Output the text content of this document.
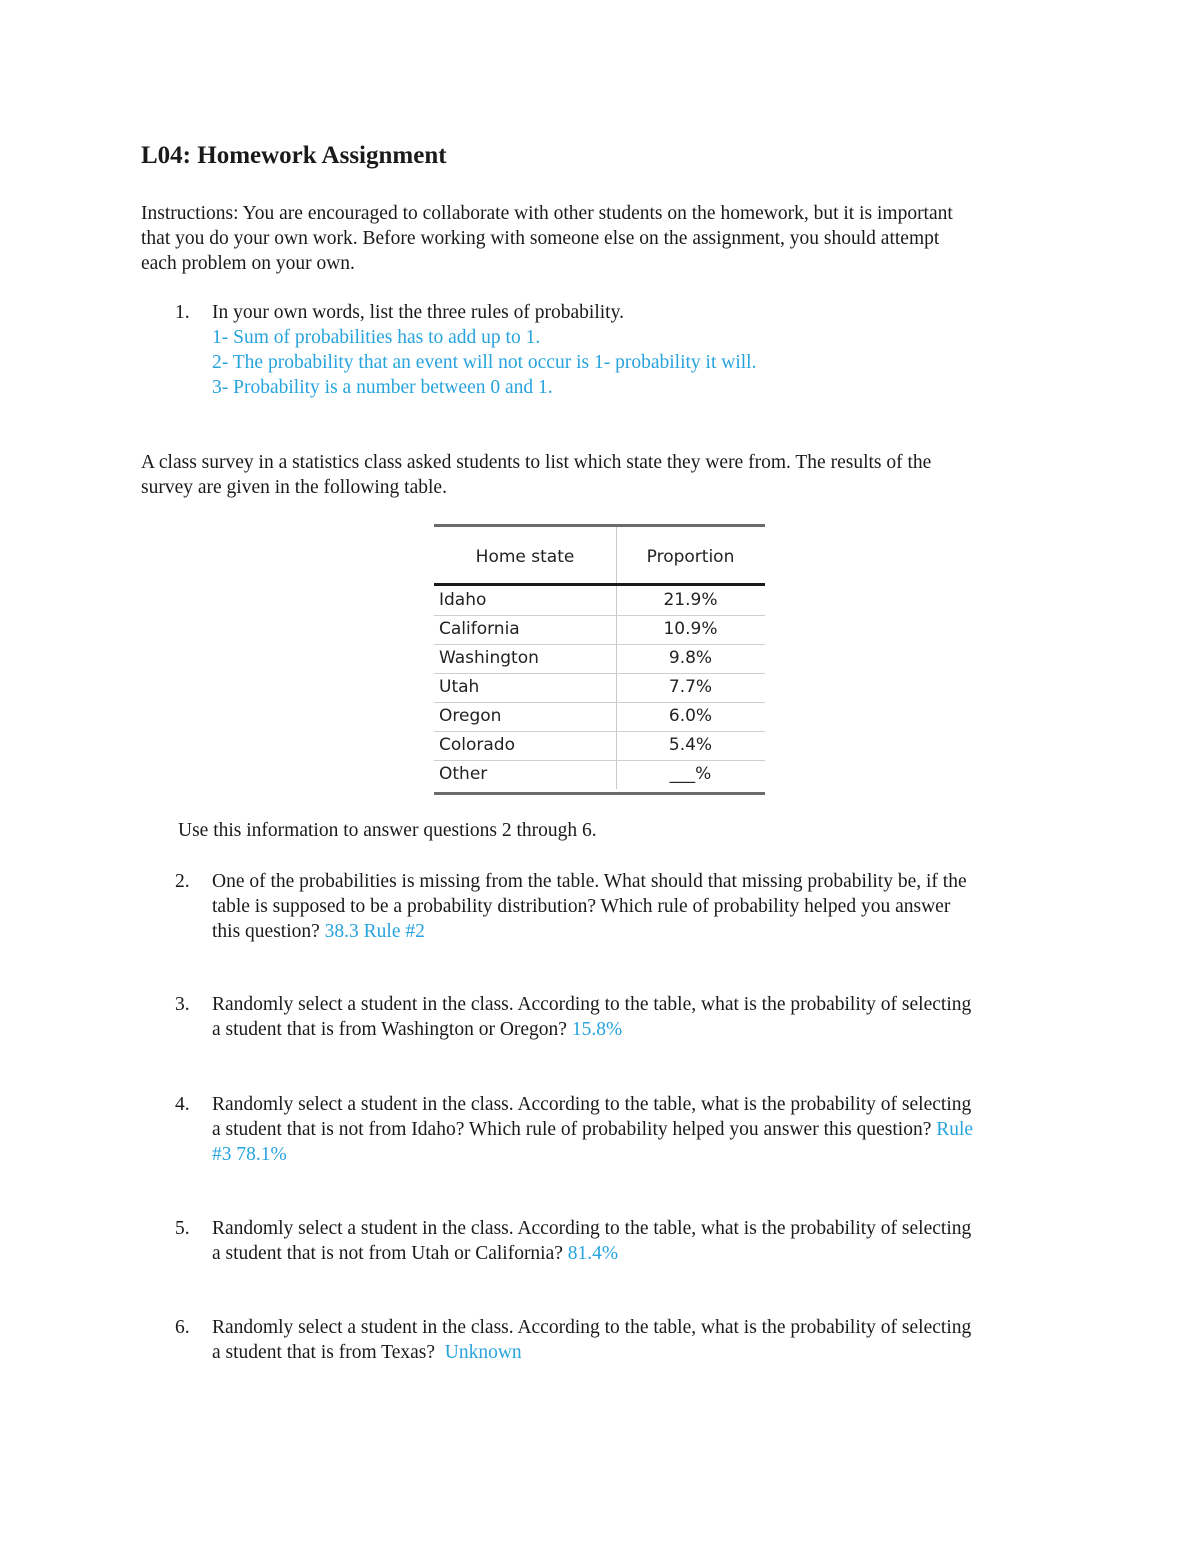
L04: Homework Assignment
Instructions: You are encouraged to collaborate with other students on the homework, but it is important
that you do your own work. Before working with someone else on the assignment, you should attempt
each problem on your own.
1. In your own words, list the three rules of probability.
1- Sum of probabilities has to add up to 1.
2- The probability that an event will not occur is 1- probability it will.
3- Probability is a number between 0 and 1.
A class survey in a statistics class asked students to list which state they were from. The results of the
survey are given in the following table.
Home state	Proportion
Idaho	21.9%
California	10.9%
Washington	9.8%
Utah	7.7%
Oregon	6.0%
Colorado	5.4%
Other	___%
Use this information to answer questions 2 through 6.
2. One of the probabilities is missing from the table. What should that missing probability be, if the
table is supposed to be a probability distribution? Which rule of probability helped you answer
this question? 38.3 Rule #2
3. Randomly select a student in the class. According to the table, what is the probability of selecting
a student that is from Washington or Oregon? 15.8%
4. Randomly select a student in the class. According to the table, what is the probability of selecting
a student that is not from Idaho? Which rule of probability helped you answer this question? Rule
#3 78.1%
5. Randomly select a student in the class. According to the table, what is the probability of selecting
a student that is not from Utah or California? 81.4%
6. Randomly select a student in the class. According to the table, what is the probability of selecting
a student that is from Texas?  Unknown
